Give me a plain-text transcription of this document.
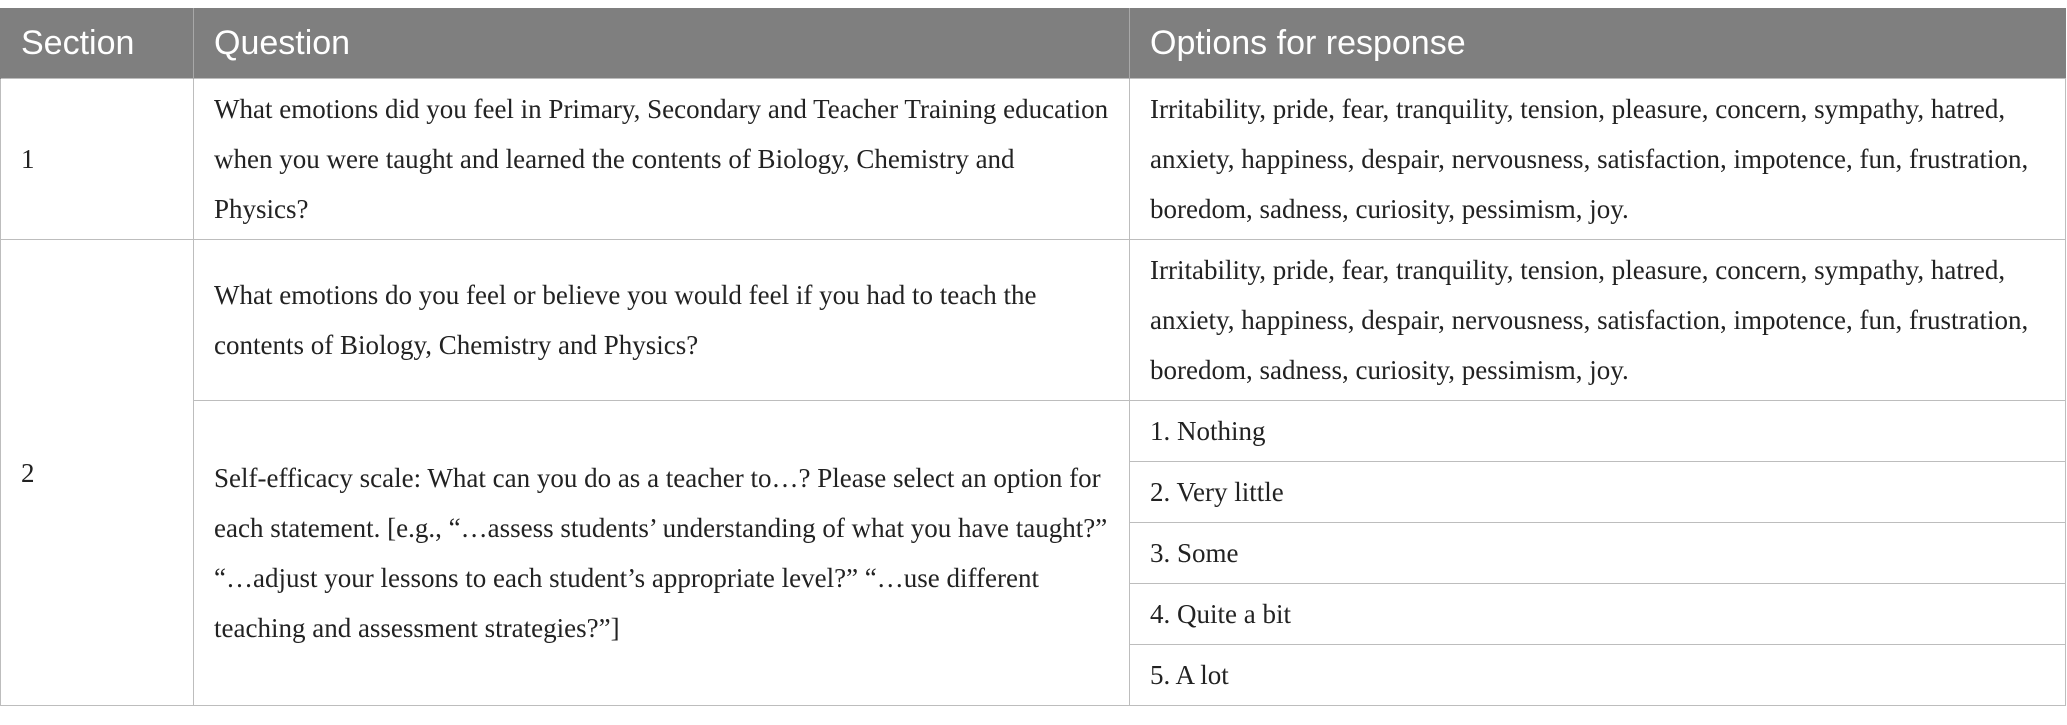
Section	Question	Options for response
1	What emotions did you feel in Primary, Secondary and Teacher Training education when you were taught and learned the contents of Biology, Chemistry and Physics?	Irritability, pride, fear, tranquility, tension, pleasure, concern, sympathy, hatred, anxiety, happiness, despair, nervousness, satisfaction, impotence, fun, frustration, boredom, sadness, curiosity, pessimism, joy.
2	What emotions do you feel or believe you would feel if you had to teach the contents of Biology, Chemistry and Physics?	Irritability, pride, fear, tranquility, tension, pleasure, concern, sympathy, hatred, anxiety, happiness, despair, nervousness, satisfaction, impotence, fun, frustration, boredom, sadness, curiosity, pessimism, joy.
	Self-efficacy scale: What can you do as a teacher to…? Please select an option for each statement. [e.g., “…assess students’ understanding of what you have taught?” “…adjust your lessons to each student’s appropriate level?” “…use different teaching and assessment strategies?”]	1. Nothing
		2. Very little
		3. Some
		4. Quite a bit
		5. A lot
